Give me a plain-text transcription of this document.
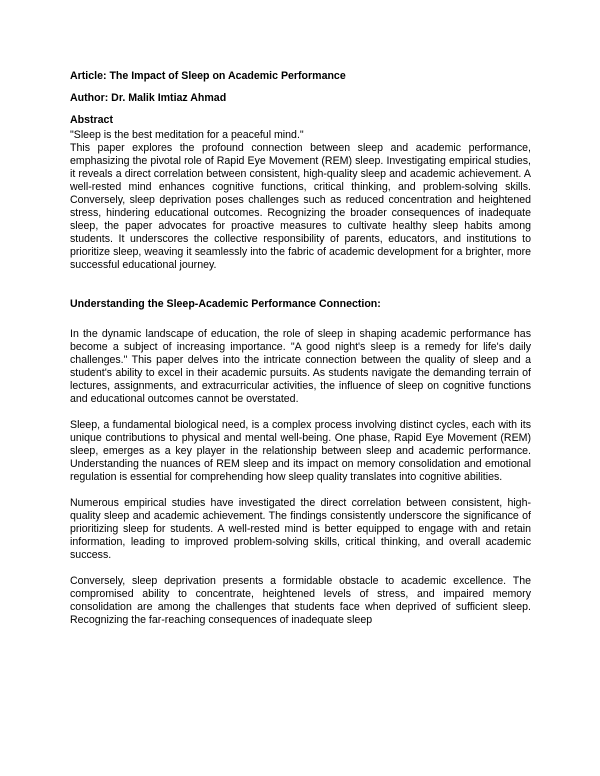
Article: The Impact of Sleep on Academic Performance

Author: Dr. Malik Imtiaz Ahmad

Abstract

"Sleep is the best meditation for a peaceful mind."

This paper explores the profound connection between sleep and academic performance, emphasizing the pivotal role of Rapid Eye Movement (REM) sleep. Investigating empirical studies, it reveals a direct correlation between consistent, high-quality sleep and academic achievement. A well-rested mind enhances cognitive functions, critical thinking, and problem-solving skills. Conversely, sleep deprivation poses challenges such as reduced concentration and heightened stress, hindering educational outcomes. Recognizing the broader consequences of inadequate sleep, the paper advocates for proactive measures to cultivate healthy sleep habits among students. It underscores the collective responsibility of parents, educators, and institutions to prioritize sleep, weaving it seamlessly into the fabric of academic development for a brighter, more successful educational journey.

Understanding the Sleep-Academic Performance Connection:

In the dynamic landscape of education, the role of sleep in shaping academic performance has become a subject of increasing importance. "A good night's sleep is a remedy for life's daily challenges." This paper delves into the intricate connection between the quality of sleep and a student's ability to excel in their academic pursuits. As students navigate the demanding terrain of lectures, assignments, and extracurricular activities, the influence of sleep on cognitive functions and educational outcomes cannot be overstated.

Sleep, a fundamental biological need, is a complex process involving distinct cycles, each with its unique contributions to physical and mental well-being. One phase, Rapid Eye Movement (REM) sleep, emerges as a key player in the relationship between sleep and academic performance. Understanding the nuances of REM sleep and its impact on memory consolidation and emotional regulation is essential for comprehending how sleep quality translates into cognitive abilities.

Numerous empirical studies have investigated the direct correlation between consistent, high-quality sleep and academic achievement. The findings consistently underscore the significance of prioritizing sleep for students. A well-rested mind is better equipped to engage with and retain information, leading to improved problem-solving skills, critical thinking, and overall academic success.

Conversely, sleep deprivation presents a formidable obstacle to academic excellence. The compromised ability to concentrate, heightened levels of stress, and impaired memory consolidation are among the challenges that students face when deprived of sufficient sleep. Recognizing the far-reaching consequences of inadequate sleep
